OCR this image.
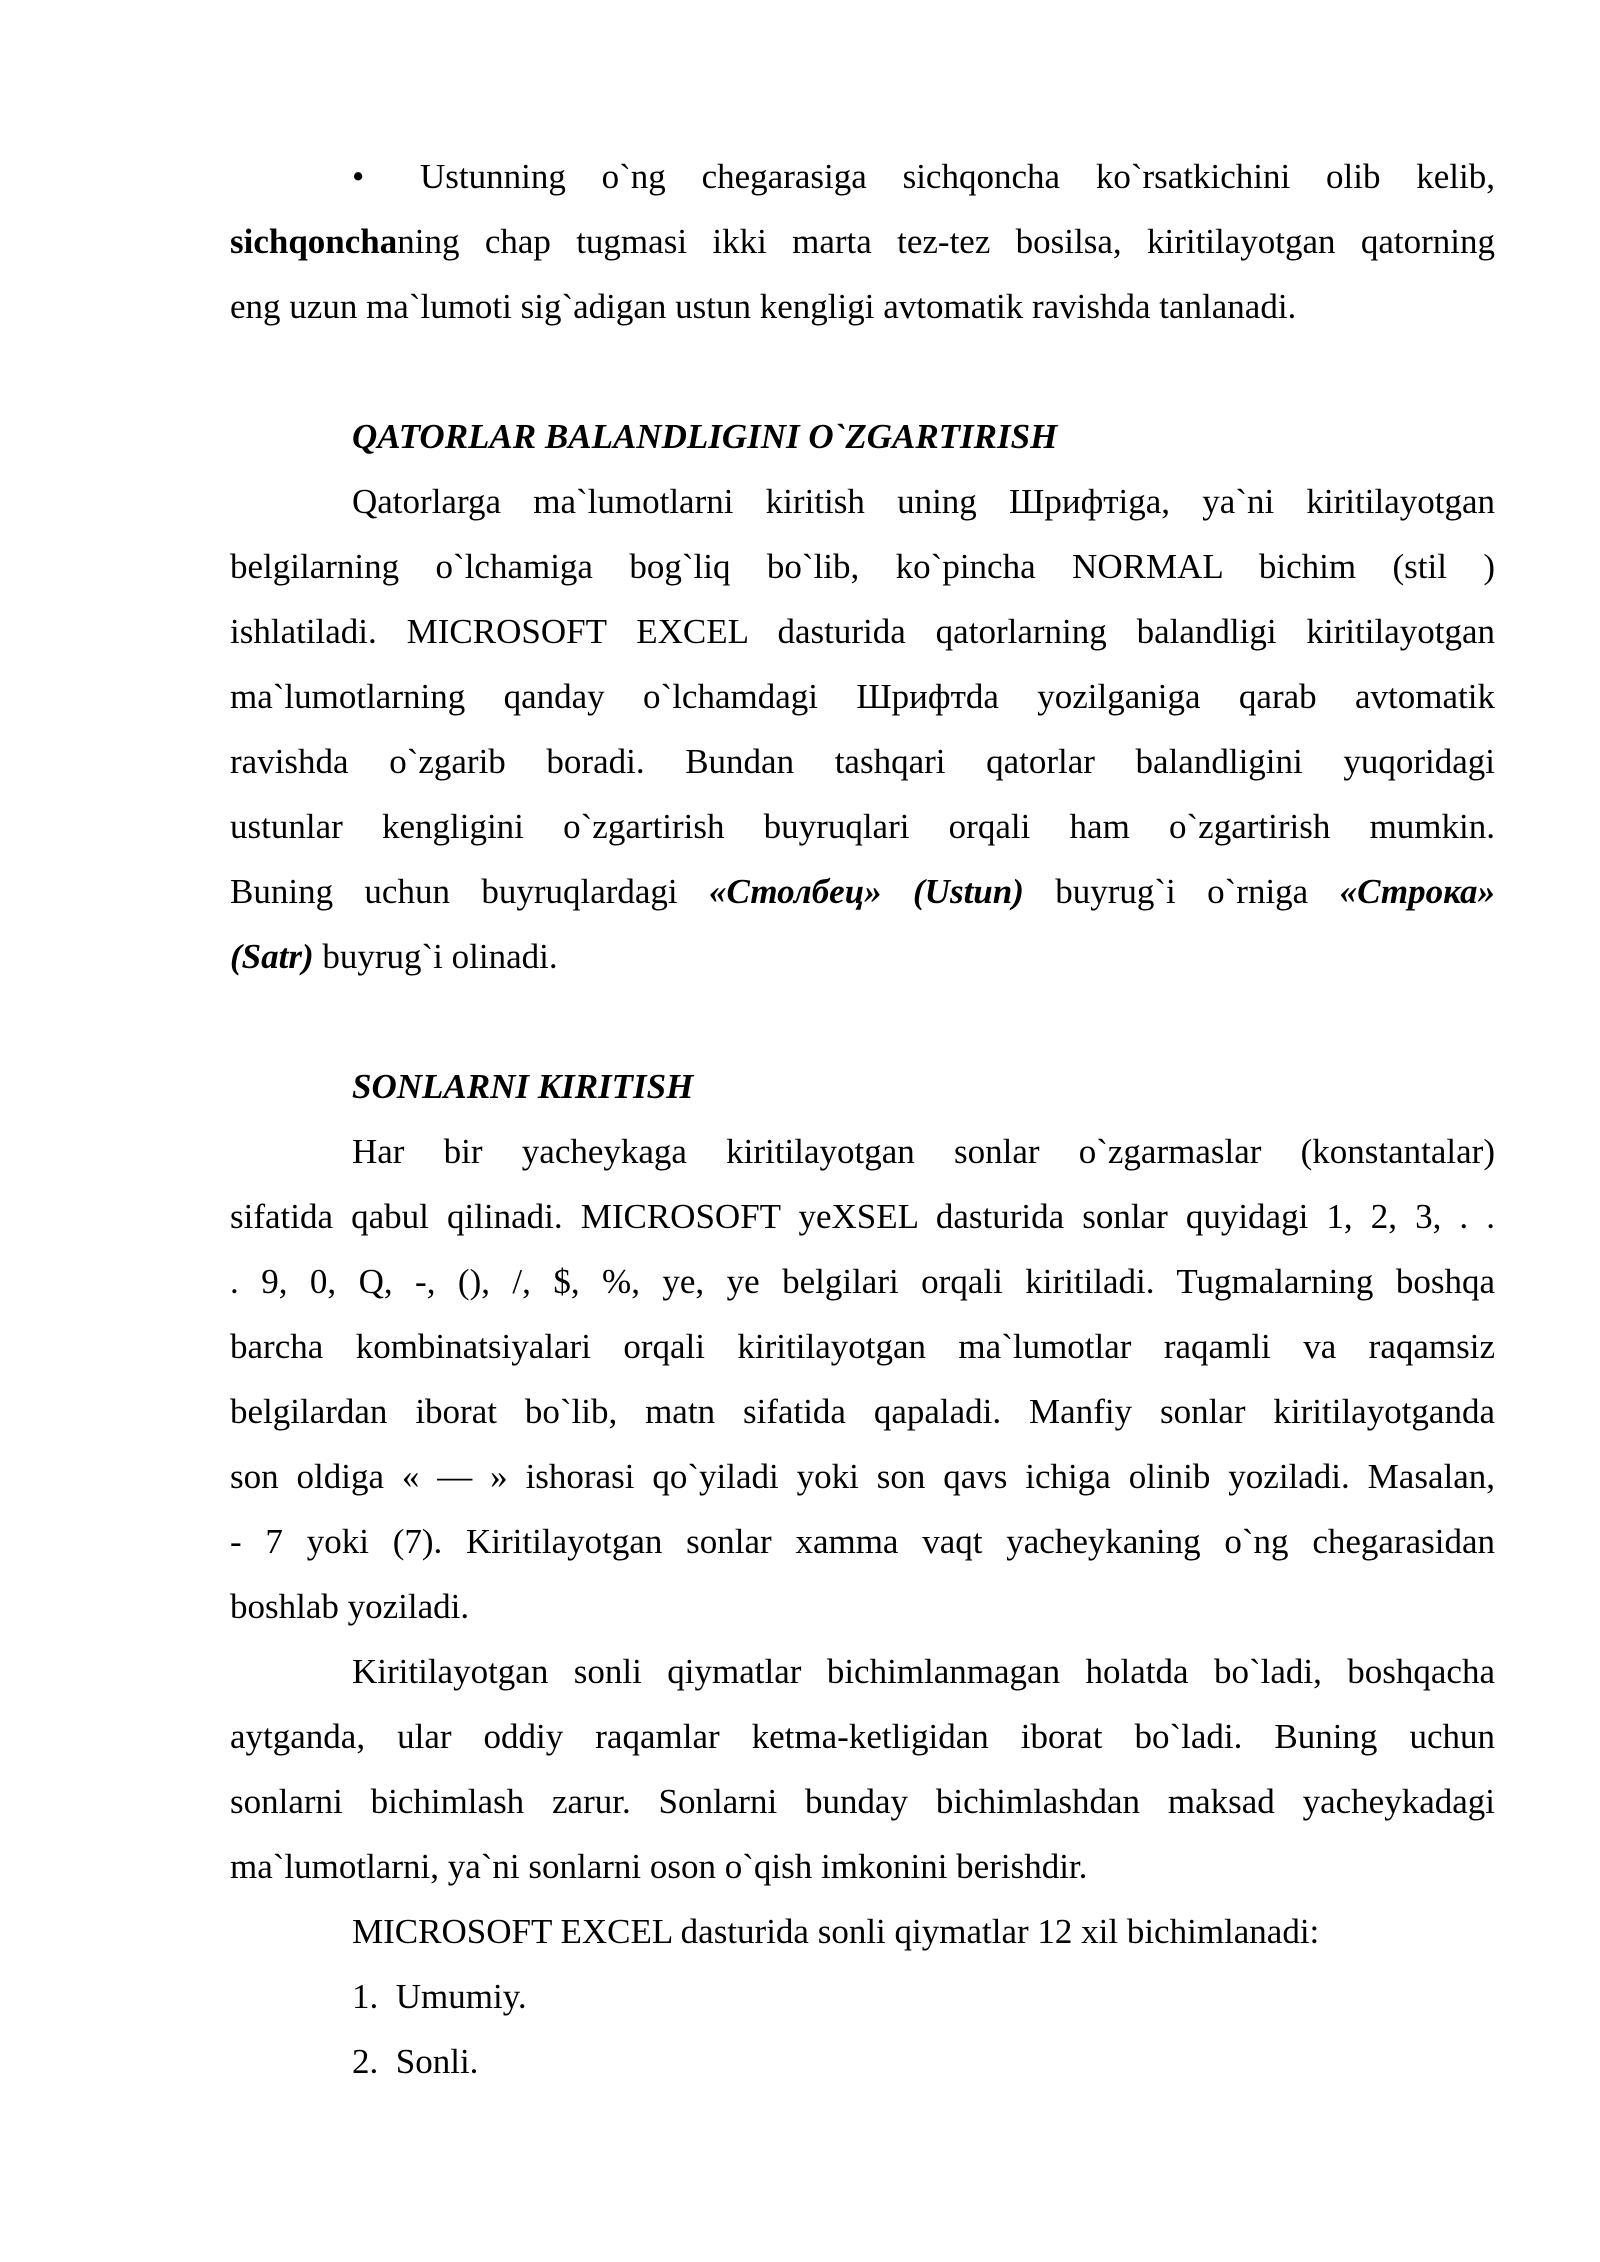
• Ustunning o`ng chegarasiga sichqoncha ko`rsatkichini olib kelib,
sichqonchaning chap tugmasi ikki marta tez-tez bosilsa, kiritilayotgan qatorning
eng uzun ma`lumoti sig`adigan ustun kengligi avtomatik ravishda tanlanadi.
QATORLAR BALANDLIGINI O`ZGARTIRISH
Qatorlarga ma`lumotlarni kiritish uning Шрифтiga, ya`ni kiritilayotgan
belgilarning o`lchamiga bog`liq bo`lib, ko`pincha NORMAL bichim (stil )
ishlatiladi. MICROSOFT EXCEL dasturida qatorlarning balandligi kiritilayotgan
ma`lumotlarning qanday o`lchamdagi Шрифтda yozilganiga qarab avtomatik
ravishda o`zgarib boradi. Bundan tashqari qatorlar balandligini yuqoridagi
ustunlar kengligini o`zgartirish buyruqlari orqali ham o`zgartirish mumkin.
Buning uchun buyruqlardagi «Столбец» (Ustun) buyrug`i o`rniga «Строка»
(Satr) buyrug`i olinadi.
SONLARNI KIRITISH
Har bir yacheykaga kiritilayotgan sonlar o`zgarmaslar (konstantalar)
sifatida qabul qilinadi. MICROSOFT yeXSEL dasturida sonlar quyidagi 1, 2, 3, . .
. 9, 0, Q, -, (), /, $, %, ye, ye belgilari orqali kiritiladi. Tugmalarning boshqa
barcha kombinatsiyalari orqali kiritilayotgan ma`lumotlar raqamli va raqamsiz
belgilardan iborat bo`lib, matn sifatida qapaladi. Manfiy sonlar kiritilayotganda
son oldiga « — » ishorasi qo`yiladi yoki son qavs ichiga olinib yoziladi. Masalan,
- 7 yoki (7). Kiritilayotgan sonlar xamma vaqt yacheykaning o`ng chegarasidan
boshlab yoziladi.
Kiritilayotgan sonli qiymatlar bichimlanmagan holatda bo`ladi, boshqacha
aytganda, ular oddiy raqamlar ketma-ketligidan iborat bo`ladi. Buning uchun
sonlarni bichimlash zarur. Sonlarni bunday bichimlashdan maksad yacheykadagi
ma`lumotlarni, ya`ni sonlarni oson o`qish imkonini berishdir.
MICROSOFT EXCEL dasturida sonli qiymatlar 12 xil bichimlanadi:
1.  Umumiy.
2.  Sonli.
